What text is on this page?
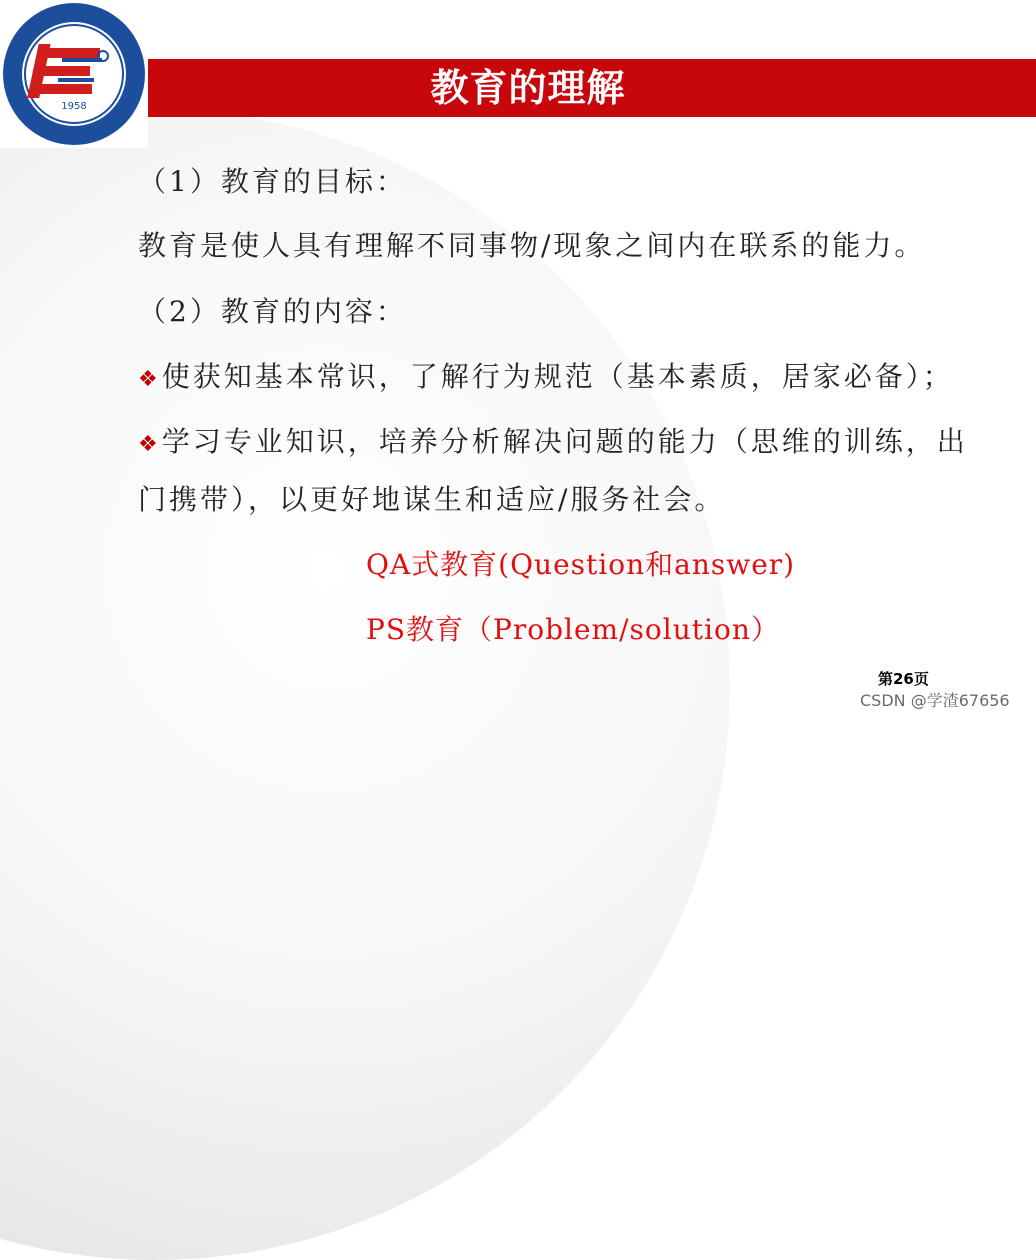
教育的理解
1958
（1）教育的目标：
教育是使人具有理解不同事物/现象之间内在联系的能力。
（2）教育的内容：
❖ 使获知基本常识，了解行为规范（基本素质，居家必备）；
❖ 学习专业知识，培养分析解决问题的能力（思维的训练，出
门携带），以更好地谋生和适应/服务社会。
QA式教育(Question和answer)
PS教育（Problem/solution）
第26页
CSDN @学渣67656
